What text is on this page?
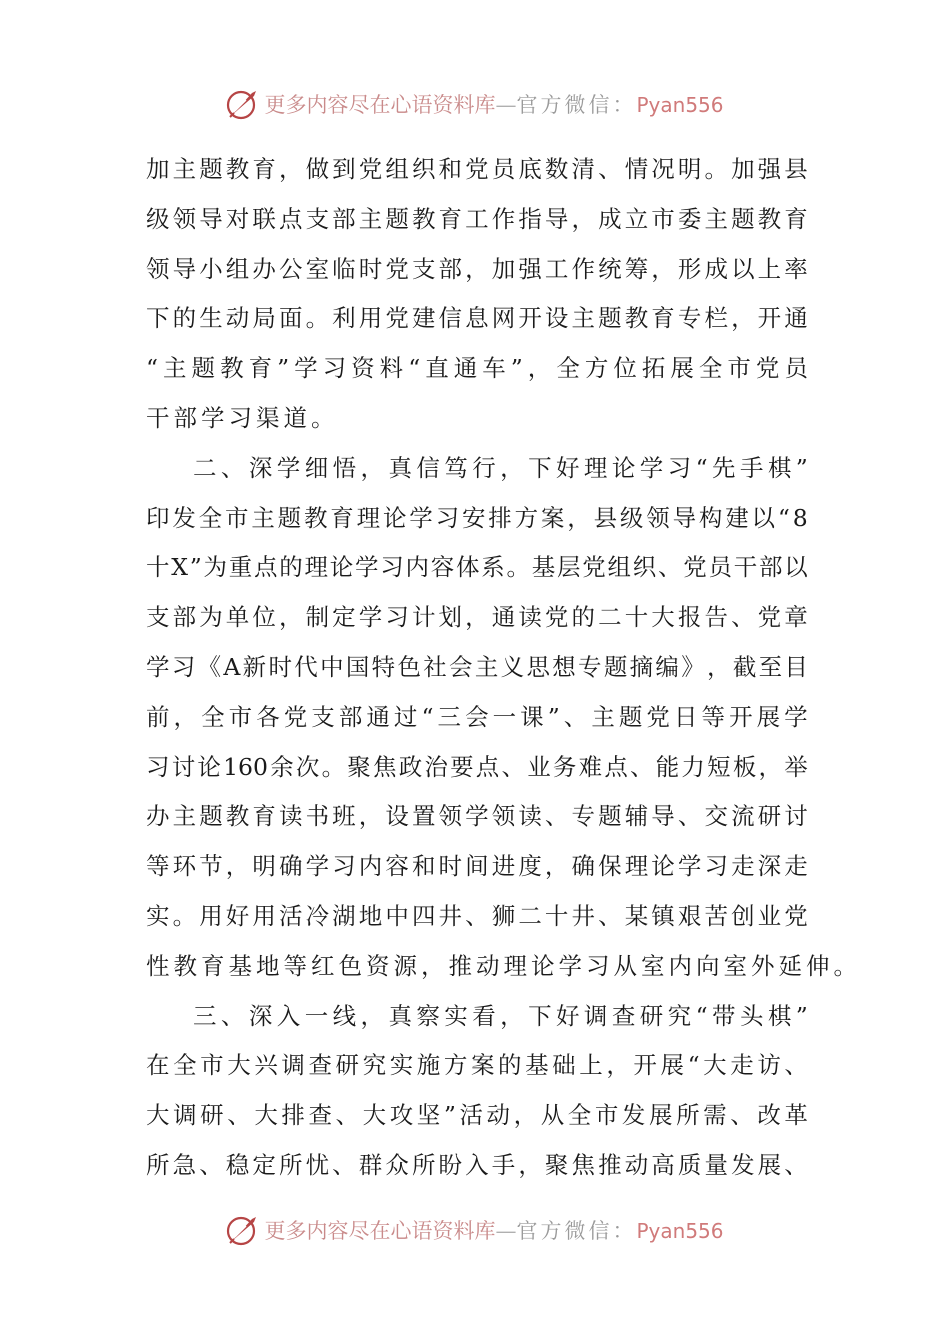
更多内容尽在心语资料库—官方微信：Pyan556
加 主 题 教 育 ， 做 到 党 组 织 和 党 员 底 数 清 、 情 况 明 。 加 强 县
级 领 导 对 联 点 支 部 主 题 教 育 工 作 指 导 ， 成 立 市 委 主 题 教 育
领 导 小 组 办 公 室 临 时 党 支 部 ， 加 强 工 作 统 筹 ， 形 成 以 上 率
下 的 生 动 局 面 。 利 用 党 建 信 息 网 开 设 主 题 教 育 专 栏 ， 开 通
“ 主 题 教 育 ” 学 习 资 料 “ 直 通 车 ” ， 全 方 位 拓 展 全 市 党 员
干部学习渠道。
二 、 深 学 细 悟 ， 真 信 笃 行 ， 下 好 理 论 学 习 “ 先 手 棋 ”
印 发 全 市 主 题 教 育 理 论 学 习 安 排 方 案 ， 县 级 领 导 构 建 以 “ 8
十 X ” 为 重 点 的 理 论 学 习 内 容 体 系 。 基 层 党 组 织 、 党 员 干 部 以
支 部 为 单 位 ， 制 定 学 习 计 划 ， 通 读 党 的 二 十 大 报 告 、 党 章
学 习 《 A 新 时 代 中 国 特 色 社 会 主 义 思 想 专 题 摘 编 》 ， 截 至 目
前 ， 全 市 各 党 支 部 通 过 “ 三 会 一 课 ” 、 主 题 党 日 等 开 展 学
习 讨 论 160 余 次 。 聚 焦 政 治 要 点 、 业 务 难 点 、 能 力 短 板 ， 举
办 主 题 教 育 读 书 班 ， 设 置 领 学 领 读 、 专 题 辅 导 、 交 流 研 讨
等 环 节 ， 明 确 学 习 内 容 和 时 间 进 度 ， 确 保 理 论 学 习 走 深 走
实 。 用 好 用 活 冷 湖 地 中 四 井 、 狮 二 十 井 、 某 镇 艰 苦 创 业 党
性教育基地等红色资源，推动理论学习从室内向室外延伸。
三 、 深 入 一 线 ， 真 察 实 看 ， 下 好 调 查 研 究 “ 带 头 棋 ”
在 全 市 大 兴 调 查 研 究 实 施 方 案 的 基 础 上 ， 开 展 “ 大 走 访 、
大 调 研 、 大 排 查 、 大 攻 坚 ” 活 动 ， 从 全 市 发 展 所 需 、 改 革
所 急 、 稳 定 所 忧 、 群 众 所 盼 入 手 ， 聚 焦 推 动 高 质 量 发 展 、
更多内容尽在心语资料库—官方微信：Pyan556
